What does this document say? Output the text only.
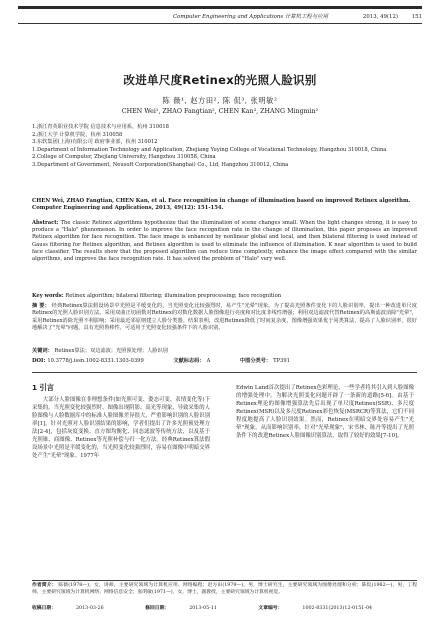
Computer Engineering and Applications 计算机工程与应用	2013, 49(12)	151
改进单尺度Retinex的光照人脸识别
陈 薇¹, 赵方田², 陈 侃³, 张明敏²
CHEN Wei¹, ZHAO Fangtian², CHEN Kan³, ZHANG Mingmin²
1.浙江育英职业技术学院 信息技术与应用系，杭州 310018
2.浙江大学 计算机学院，杭州 310058
3.东软集团(上海)有限公司 政府事业部，杭州 310012
1.Department of Information Technology and Application, Zhejiang Yuying College of Vocational Technology, Hangzhou 310018, China
2.College of Computer, Zhejiang University, Hangzhou 310058, China
3.Department of Government, Neusoft Corporation(Shanghai) Co., Ltd, Hangzhou 310012, China
CHEN Wei, ZHAO Fangtian, CHEN Kan, et al. Face recognition in change of illumination based on improved Retinex algorithm. Computer Engineering and Applications, 2013, 49(12): 151-154.
Abstract: The classic Retinex algorithms hypothesize that the illumination of scene changes small. When the light changes strong, it is easy to produce a "Halo" phenomenon. In order to improve the face recognition rate in the change of illumination, this paper proposes an improved Retinex algorithm for face recognition. The face image is enhanced by nonlinear global and local, and then bilateral filtering is used instead of Gauss filtering for Retinex algorithm, and Retinex algorithm is used to eliminate the influence of illumination. K near algorithm is used to build face classifier. The results show that the proposed algorithm can reduce time complexity, enhance the image effect compared with the similar algorithms, and improve the face recognition rate. It has solved the problem of "Halo" very well.
Key words: Retinex algorithm; bilateral filtering; illumination preprocessing; face recognition
摘 要： 经典Retinex算法假设场景中光照是平缓变化的，当光照变化比较强烈时，易产生"光晕"现象。为了提高光照条件变化下的人脸识别率，提出一种改进单尺度Retinex的光照人脸识别方法。采用双曲正切函数对Retinex的对数化数据人脸图像进行亮度和对比度非线性增强；利用双边滤波代替Retinex的高斯滤波消除"光晕"，采用Retinex消除光照不利影响；采用最近邻原则建立人脸分类器。结果表明，改进Retinex降低了时间复杂度，图像增强效果优于同类算法，提高了人脸识别率，很好地解决了"光晕"问题，具有光照鲁棒性，可适用于光照变化较强条件下的人脸识别。
关键词： Retinex算法；双边滤波；光照预处理；人脸识别
DOI: 10.3778/j.issn.1002-8331.1303-0399	文献标志码： A	中图分类号： TP391
1 引言

大部分人脸图像在非理想条件(如光照可变、姿态可变、表情变化等)下采集的，当光照变化较强烈时，图像出现阴影、高光等现象，导致采集的人脸图像与人脸数据库中的标准人脸图像差异很大，严重影响识别的人脸识别率[1]。针对光照对人脸识别结果的影响，学者们提出了许多光照预处理方法[2-4]，包括灰度变换、直方图均衡化、同态滤波等传统方法，以及基于光照锥、商图像、Retinex等光照补偿与归一化方法。经典Retinex算法假设场景中光照是平缓变化的，当光照变化较强烈时，容易在图像中明暗交界处产生"光晕"现象。1977年

Edwin Land首次提出了Retinex色彩理论，一些学者将其引入到人脸图像的增强处理中，为解决光照变化问题开辟了一条新的道路[5-6]。由基于Retinex理论的图像增强算法先后出现了单尺度Retinex(SSR)、多尺度Retinex(MSR)以及多尺度Retinex彩色恢复(MSRCR)等算法，它们不同程度地提高了人脸识别效果。然而，Retinex在明暗交界处容易产生"光晕"现象，从而影响识别率，针对"光晕现象"，宋书林、陈丹等提出了光照条件下的改进Retinex人脸图像识别算法，取得了较好的效果[7-10]。

作者简介： 陈薇(1978—)，女，讲师，主要研究领域为计算机应用、网络编程；赵方田(1979—)，男，博士研究生，主要研究领域为图像处理和分析；陈侃(1982—)，男，工程师，主要研究领域为计算机网络、网络信息安全；张明敏(1971—)，女，博士，副教授，主要研究领域为计算机视觉。
收稿日期：	2013-03-26	修回日期：	2013-05-11	文章编号：	1002-8331(2013)12-0151-04
